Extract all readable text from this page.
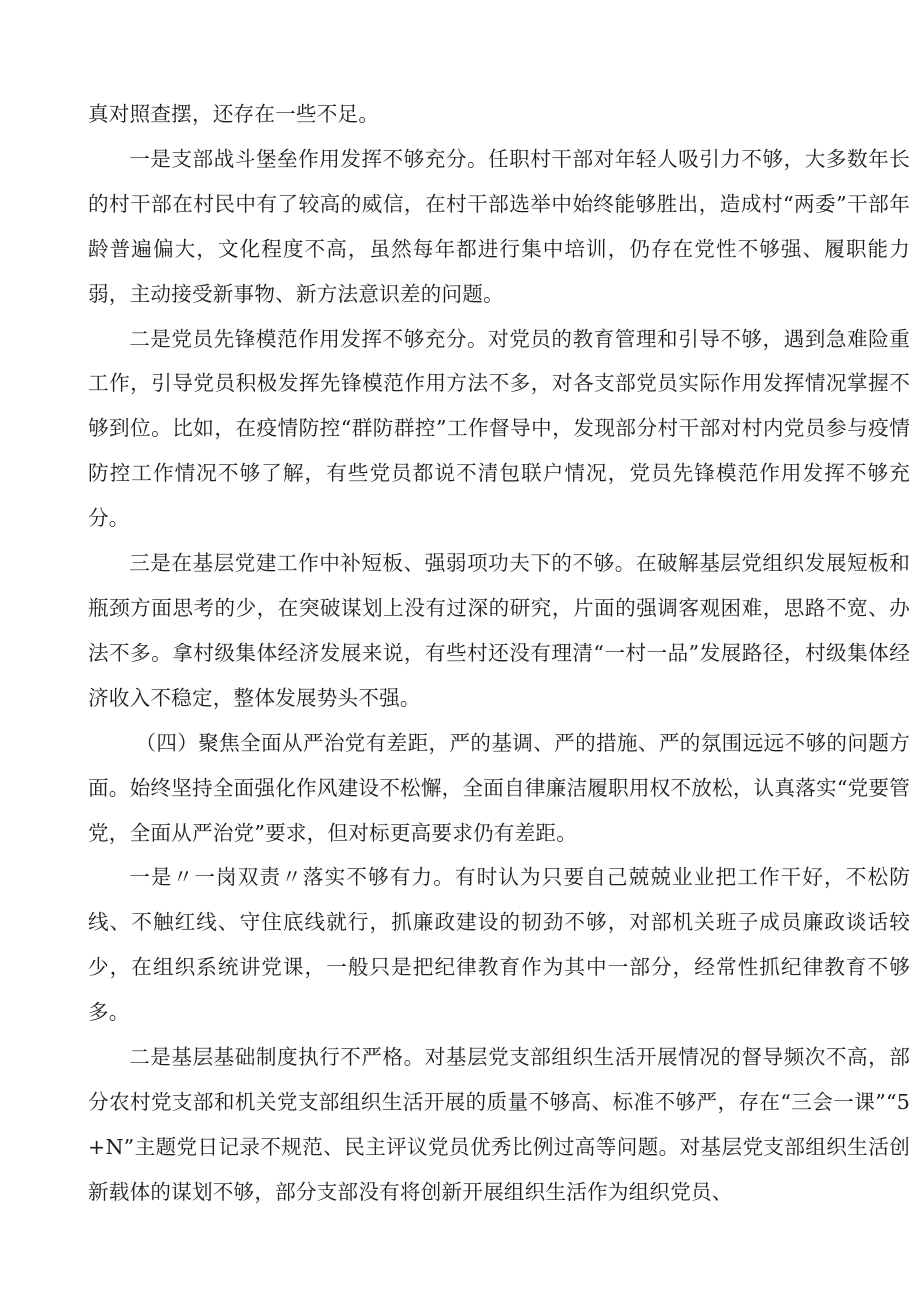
真对照查摆，还存在一些不足。

一是支部战斗堡垒作用发挥不够充分。任职村干部对年轻人吸引力不够，大多数年长的村干部在村民中有了较高的威信，在村干部选举中始终能够胜出，造成村“两委”干部年龄普遍偏大，文化程度不高，虽然每年都进行集中培训，仍存在党性不够强、履职能力弱，主动接受新事物、新方法意识差的问题。

二是党员先锋模范作用发挥不够充分。对党员的教育管理和引导不够，遇到急难险重工作，引导党员积极发挥先锋模范作用方法不多，对各支部党员实际作用发挥情况掌握不够到位。比如，在疫情防控“群防群控”工作督导中，发现部分村干部对村内党员参与疫情防控工作情况不够了解，有些党员都说不清包联户情况，党员先锋模范作用发挥不够充分。

三是在基层党建工作中补短板、强弱项功夫下的不够。在破解基层党组织发展短板和瓶颈方面思考的少，在突破谋划上没有过深的研究，片面的强调客观困难，思路不宽、办法不多。拿村级集体经济发展来说，有些村还没有理清“一村一品”发展路径，村级集体经济收入不稳定，整体发展势头不强。

（四）聚焦全面从严治党有差距，严的基调、严的措施、严的氛围远远不够的问题方面。始终坚持全面强化作风建设不松懈，全面自律廉洁履职用权不放松，认真落实“党要管党，全面从严治党”要求，但对标更高要求仍有差距。

一是〃一岗双责〃落实不够有力。有时认为只要自己兢兢业业把工作干好，不松防线、不触红线、守住底线就行，抓廉政建设的韧劲不够，对部机关班子成员廉政谈话较少，在组织系统讲党课，一般只是把纪律教育作为其中一部分，经常性抓纪律教育不够多。

二是基层基础制度执行不严格。对基层党支部组织生活开展情况的督导频次不高，部分农村党支部和机关党支部组织生活开展的质量不够高、标准不够严，存在“三会一课”“5+N”主题党日记录不规范、民主评议党员优秀比例过高等问题。对基层党支部组织生活创新载体的谋划不够，部分支部没有将创新开展组织生活作为组织党员、
